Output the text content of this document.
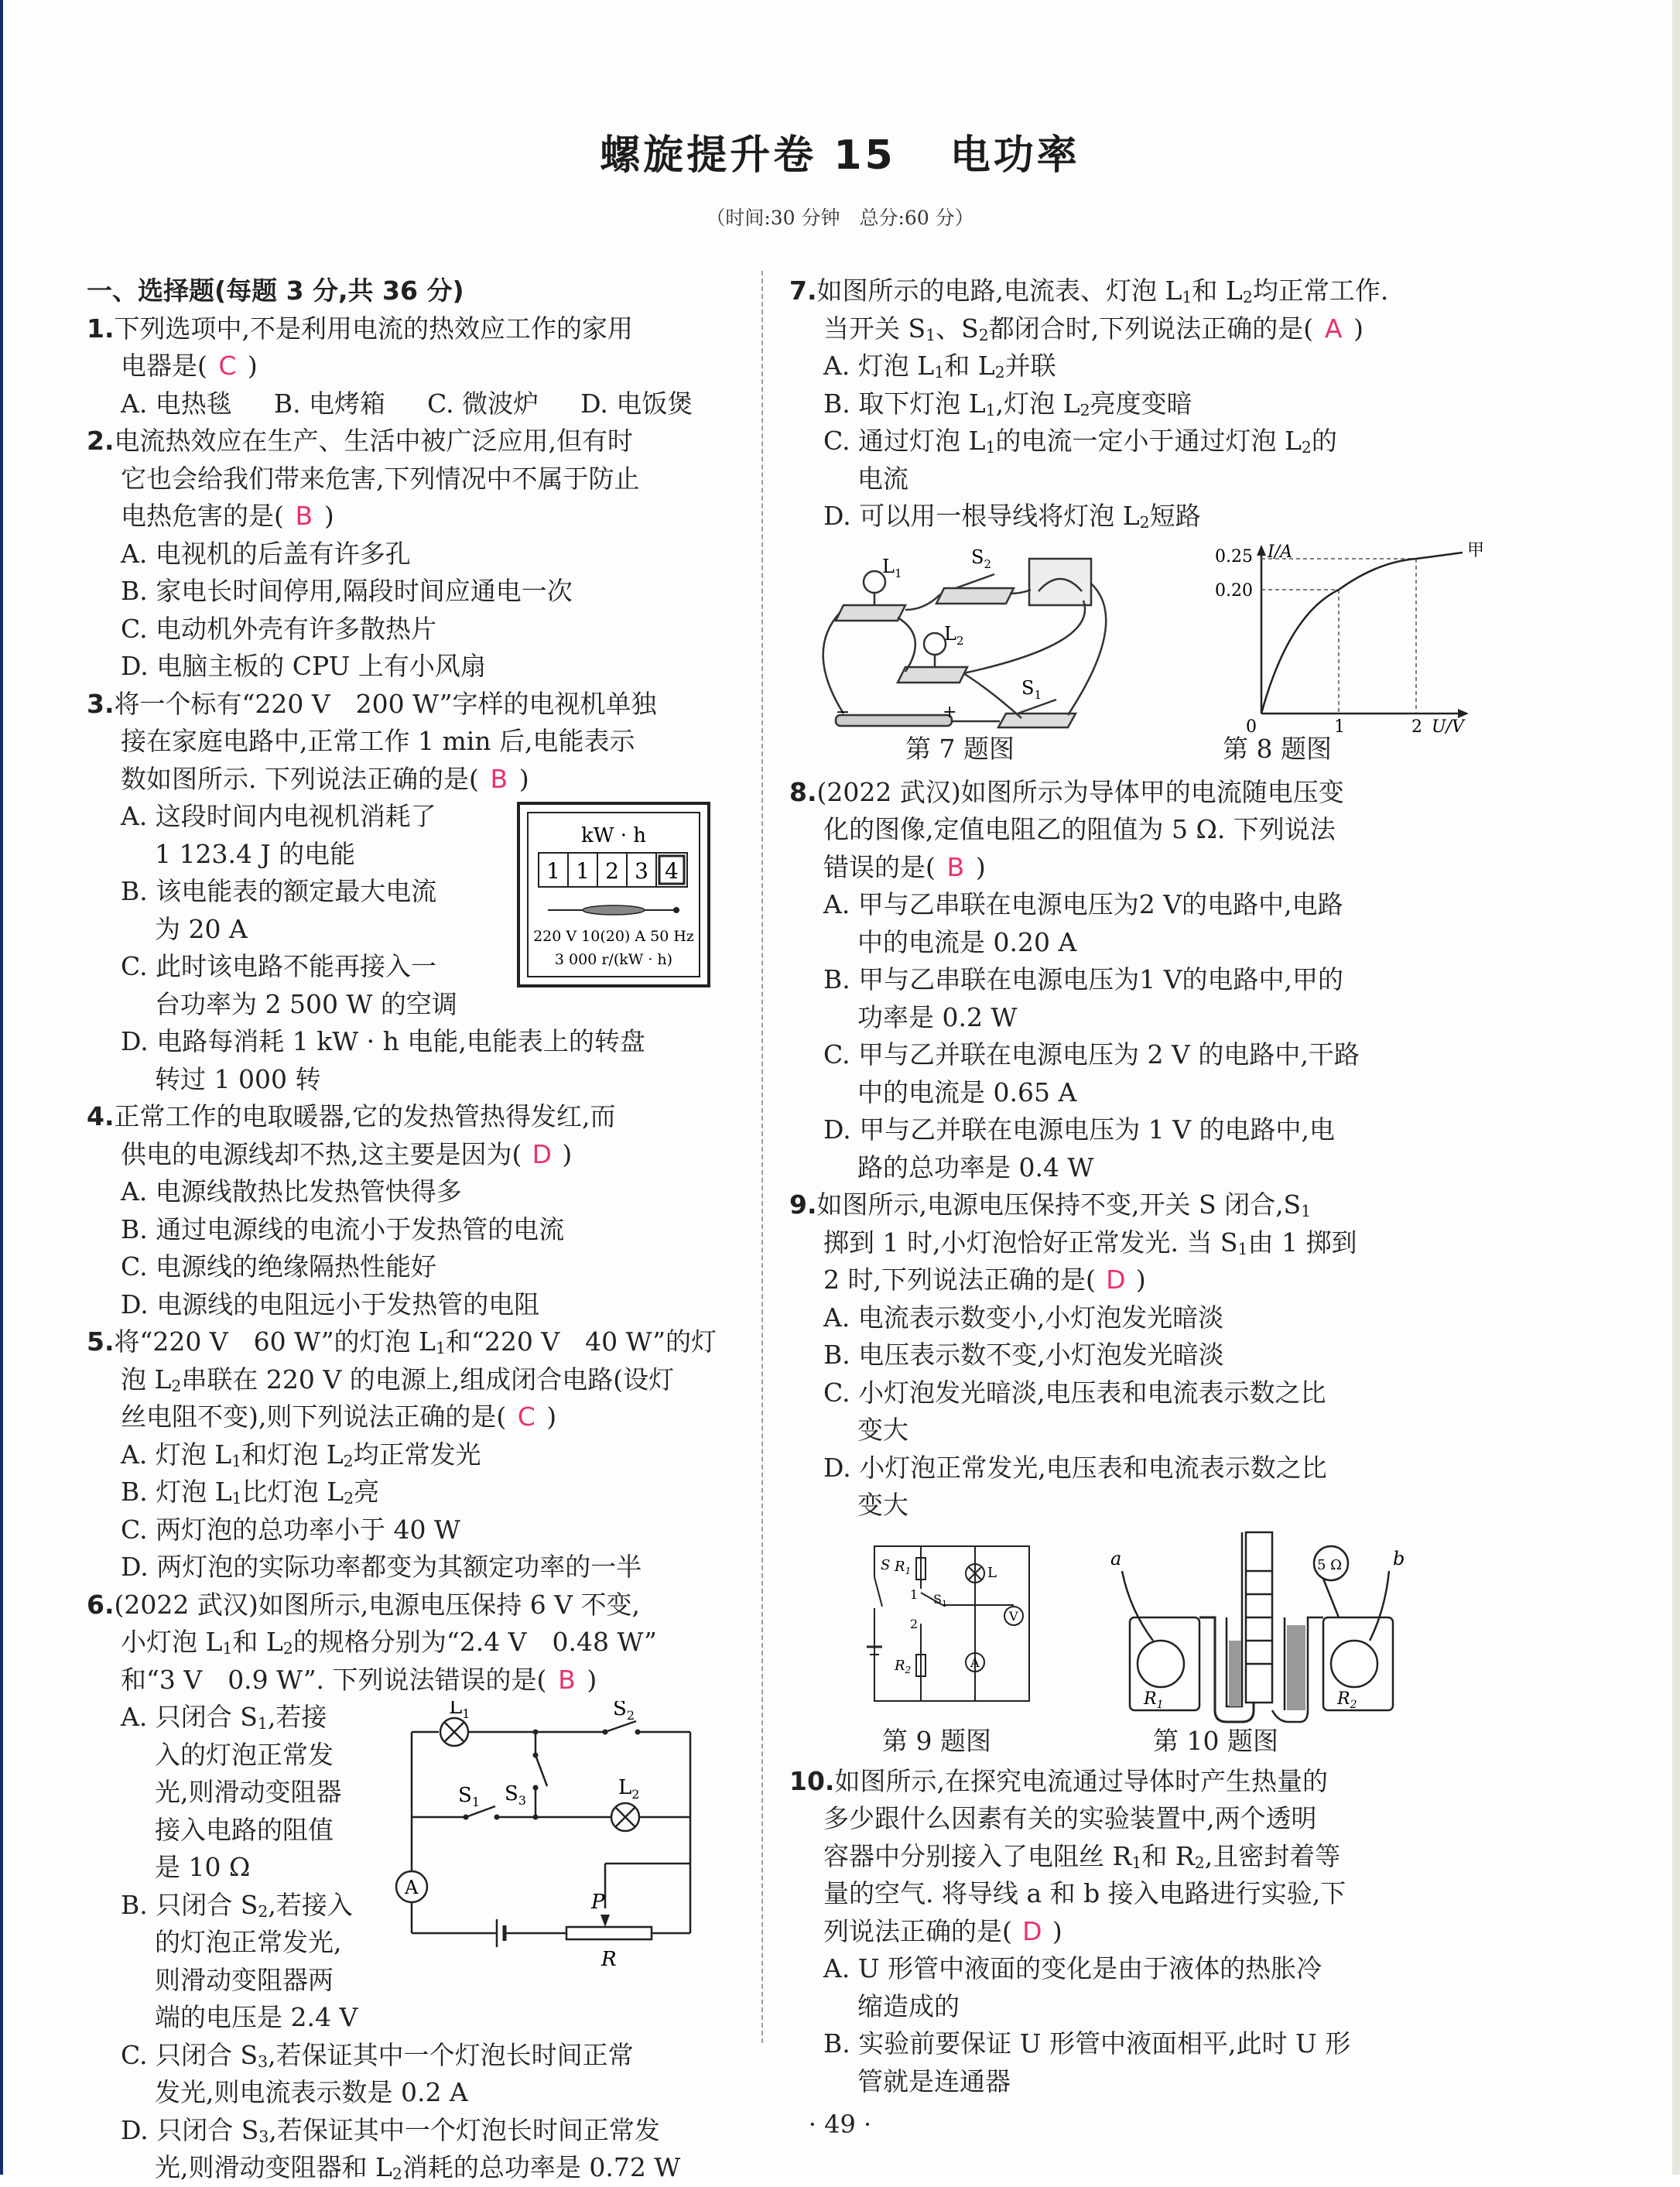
螺旋提升卷 15 电功率
（时间:30 分钟　总分:60 分）
一、选择题(每题 3 分,共 36 分)
1.下列选项中,不是利用电流的热效应工作的家用
电器是( C )
A. 电热毯 B. 电烤箱 C. 微波炉 D. 电饭煲
2.电流热效应在生产、生活中被广泛应用,但有时
它也会给我们带来危害,下列情况中不属于防止
电热危害的是( B )
A. 电视机的后盖有许多孔
B. 家电长时间停用,隔段时间应通电一次
C. 电动机外壳有许多散热片
D. 电脑主板的 CPU 上有小风扇
3.将一个标有“220 V　200 W”字样的电视机单独
接在家庭电路中,正常工作 1 min 后,电能表示
数如图所示. 下列说法正确的是( B )
A. 这段时间内电视机消耗了
1 123.4 J 的电能
B. 该电能表的额定最大电流
为 20 A
C. 此时该电路不能再接入一
台功率为 2 500 W 的空调
D. 电路每消耗 1 kW · h 电能,电能表上的转盘
转过 1 000 转
kW · h
1 1 2 3 4
220 V 10(20) A 50 Hz
3 000 r/(kW · h)
4.正常工作的电取暖器,它的发热管热得发红,而
供电的电源线却不热,这主要是因为( D )
A. 电源线散热比发热管快得多
B. 通过电源线的电流小于发热管的电流
C. 电源线的绝缘隔热性能好
D. 电源线的电阻远小于发热管的电阻
5.将“220 V　60 W”的灯泡 $L_1$和“220 V　40 W”的灯
泡 $L_2$串联在 220 V 的电源上,组成闭合电路(设灯
丝电阻不变),则下列说法正确的是( C )
A. 灯泡 $L_1$和灯泡 $L_2$均正常发光
B. 灯泡 $L_1$比灯泡 $L_2$亮
C. 两灯泡的总功率小于 40 W
D. 两灯泡的实际功率都变为其额定功率的一半
6.(2022 武汉)如图所示,电源电压保持 6 V 不变,
小灯泡 $L_1$和 $L_2$的规格分别为“2.4 V　0.48 W”
和“3 V　0.9 W”. 下列说法错误的是( B )
A. 只闭合 $S_1$,若接
入的灯泡正常发
光,则滑动变阻器
接入电路的阻值
是 10 Ω
B. 只闭合 $S_2$,若接入
的灯泡正常发光,
则滑动变阻器两
端的电压是 2.4 V
C. 只闭合 $S_3$,若保证其中一个灯泡长时间正常
发光,则电流表示数是 0.2 A
D. 只闭合 $S_3$,若保证其中一个灯泡长时间正常发
光,则滑动变阻器和 $L_2$消耗的总功率是 0.72 W
$L_1$	$S_2$
$S_1$ $S_3$
$L_2$
A
P
R
7.如图所示的电路,电流表、灯泡 $L_1$和 $L_2$均正常工作.
当开关 $S_1$、$S_2$都闭合时,下列说法正确的是( A )
A. 灯泡 $L_1$和 $L_2$并联
B. 取下灯泡 $L_1$,灯泡 $L_2$亮度变暗
C. 通过灯泡 $L_1$的电流一定小于通过灯泡 $L_2$的
电流
D. 可以用一根导线将灯泡 $L_2$短路
$L_1$
$S_2$
$L_2$
$S_1$
−	+
I/A
U/V
0
0.20
0.25
1	2
甲
第 7 题图	第 8 题图
8.(2022 武汉)如图所示为导体甲的电流随电压变
化的图像,定值电阻乙的阻值为 5 Ω. 下列说法
错误的是( B )
A. 甲与乙串联在电源电压为2 V的电路中,电路
中的电流是 0.20 A
B. 甲与乙串联在电源电压为1 V的电路中,甲的
功率是 0.2 W
C. 甲与乙并联在电源电压为 2 V 的电路中,干路
中的电流是 0.65 A
D. 甲与乙并联在电源电压为 1 V 的电路中,电
路的总功率是 0.4 W
9.如图所示,电源电压保持不变,开关 S 闭合$,S_1$
掷到 1 时,小灯泡恰好正常发光. 当 $S_1$由 1 掷到
2 时,下列说法正确的是( D )
A. 电流表示数变小,小灯泡发光暗淡
B. 电压表示数不变,小灯泡发光暗淡
C. 小灯泡发光暗淡,电压表和电流表示数之比
变大
D. 小灯泡正常发光,电压表和电流表示数之比
变大
S $R_1$
1
2
$S_1$
$R_2$
L
V
A
a	b
5 Ω
$R_1$	$R_2$
第 9 题图	第 10 题图
10.如图所示,在探究电流通过导体时产生热量的
多少跟什么因素有关的实验装置中,两个透明
容器中分别接入了电阻丝 $R_1$和 $R_2$,且密封着等
量的空气. 将导线 a 和 b 接入电路进行实验,下
列说法正确的是( D )
A. U 形管中液面的变化是由于液体的热胀冷
缩造成的
B. 实验前要保证 U 形管中液面相平,此时 U 形
管就是连通器
· 49 ·
